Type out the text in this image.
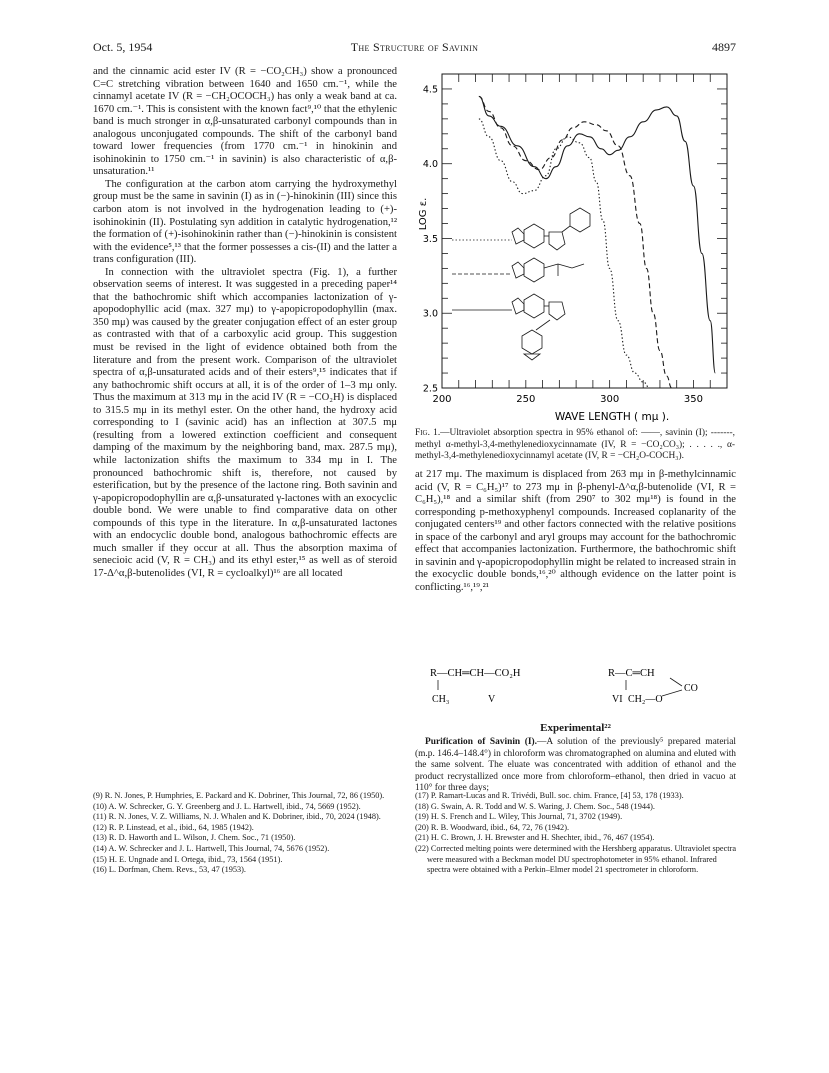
Oct. 5, 1954	The Structure of Savinin	4897

and the cinnamic acid ester IV (R = −CO₂CH₃) show a pronounced C=C stretching vibration between 1640 and 1650 cm.⁻¹, while the cinnamyl acetate IV (R = −CH₂OCOCH₃) has only a weak band at ca. 1670 cm.⁻¹. This is consistent with the known fact⁹,¹⁰ that the ethylenic band is much stronger in α,β-unsaturated carbonyl compounds than in analogous unconjugated compounds. The shift of the carbonyl band toward lower frequencies (from 1770 cm.⁻¹ in hinokinin and isohinokinin to 1750 cm.⁻¹ in savinin) is also characteristic of α,β-unsaturation.¹¹

The configuration at the carbon atom carrying the hydroxymethyl group must be the same in savinin (I) as in (−)-hinokinin (III) since this carbon atom is not involved in the hydrogenation leading to (+)-isohinokinin (II). Postulating syn addition in catalytic hydrogenation,¹² the formation of (+)-isohinokinin rather than (−)-hinokinin is consistent with the evidence⁵,¹³ that the former possesses a cis-(II) and the latter a trans configuration (III).

In connection with the ultraviolet spectra (Fig. 1), a further observation seems of interest. It was suggested in a preceding paper¹⁴ that the bathochromic shift which accompanies lactonization of γ-apopodophyllic acid (max. 327 mμ) to γ-apopicropodophyllin (max. 350 mμ) was caused by the greater conjugation effect of an ester group as contrasted with that of a carboxylic acid group. This suggestion must be revised in the light of evidence obtained both from the literature and from the present work. Comparison of the ultraviolet spectra of α,β-unsaturated acids and of their esters⁹,¹⁵ indicates that if any bathochromic shift occurs at all, it is of the order of 1–3 mμ only. Thus the maximum at 313 mμ in the acid IV (R = −CO₂H) is displaced to 315.5 mμ in its methyl ester. On the other hand, the hydroxy acid corresponding to I (savinic acid) has an inflection at 307.5 mμ (resulting from a lowered extinction coefficient and consequent damping of the maximum by the neighboring band, max. 287.5 mμ), while lactonization shifts the maximum to 334 mμ in I. The pronounced bathochromic shift is, therefore, not caused by esterification, but by the presence of the lactone ring. Both savinin and γ-apopicropodophyllin are α,β-unsaturated γ-lactones with an exocyclic double bond. We were unable to find comparative data on other compounds of this type in the literature. In α,β-unsaturated lactones with an endocyclic double bond, analogous bathochromic effects are much smaller if they occur at all. Thus the absorption maxima of senecioic acid (V, R = CH₃) and its ethyl ester,¹⁵ as well as of steroid 17-Δ^α,β-butenolides (VI, R = cycloalkyl)¹⁶ are all located

2.5
3.0
3.5
4.0
4.5
200	250	300	350
LOG ε.
WAVE LENGTH ( mμ ).
Fig. 1.—Ultraviolet absorption spectra in 95% ethanol of: ——, savinin (I); -------, methyl α-methyl-3,4-methylenedioxycinnamate (IV, R = −CO₂CO₃); . . . . ., α-methyl-3,4-methylenedioxycinnamyl acetate (IV, R = −CH₂O-COCH₃).

at 217 mμ. The maximum is displaced from 263 mμ in β-methylcinnamic acid (V, R = C₆H₅)¹⁷ to 273 mμ in β-phenyl-Δ^α,β-butenolide (VI, R = C₆H₅),¹⁸ and a similar shift (from 290⁷ to 302 mμ¹⁸) is found in the corresponding p-methoxyphenyl compounds. Increased coplanarity of the conjugated centers¹⁹ and other factors connected with the relative positions in space of the carbonyl and aryl groups may account for the bathochromic effect that accompanies lactonization. Furthermore, the bathochromic shift in savinin and γ-apopicropodophyllin might be related to increased strain in the exocyclic double bonds,¹⁶,²⁰ although evidence on the latter point is conflicting.¹⁶,¹⁹,²¹

R—CH═CH—CO₂H
CH₃	V
R—C═CH
CO
VI CH₂—O
Experimental²²
Purification of Savinin (I).—A solution of the previously⁵ prepared material (m.p. 146.4–148.4°) in chloroform was chromatographed on alumina and eluted with the same solvent. The eluate was concentrated with addition of ethanol and the product recrystallized once more from chloroform–ethanol, then dried in vacuo at 110° for three days;

(9) R. N. Jones, P. Humphries, E. Packard and K. Dobriner, This Journal, 72, 86 (1950).

(10) A. W. Schrecker, G. Y. Greenberg and J. L. Hartwell, ibid., 74, 5669 (1952).

(11) R. N. Jones, V. Z. Williams, N. J. Whalen and K. Dobriner, ibid., 70, 2024 (1948).

(12) R. P. Linstead, et al., ibid., 64, 1985 (1942).

(13) R. D. Haworth and L. Wilson, J. Chem. Soc., 71 (1950).

(14) A. W. Schrecker and J. L. Hartwell, This Journal, 74, 5676 (1952).

(15) H. E. Ungnade and I. Ortega, ibid., 73, 1564 (1951).

(16) L. Dorfman, Chem. Revs., 53, 47 (1953).

(17) P. Ramart-Lucas and R. Trivédi, Bull. soc. chim. France, [4] 53, 178 (1933).

(18) G. Swain, A. R. Todd and W. S. Waring, J. Chem. Soc., 548 (1944).

(19) H. S. French and L. Wiley, This Journal, 71, 3702 (1949).

(20) R. B. Woodward, ibid., 64, 72, 76 (1942).

(21) H. C. Brown, J. H. Brewster and H. Shechter, ibid., 76, 467 (1954).

(22) Corrected melting points were determined with the Hershberg apparatus. Ultraviolet spectra were measured with a Beckman model DU spectrophotometer in 95% ethanol. Infrared spectra were obtained with a Perkin–Elmer model 21 spectrometer in chloroform.
